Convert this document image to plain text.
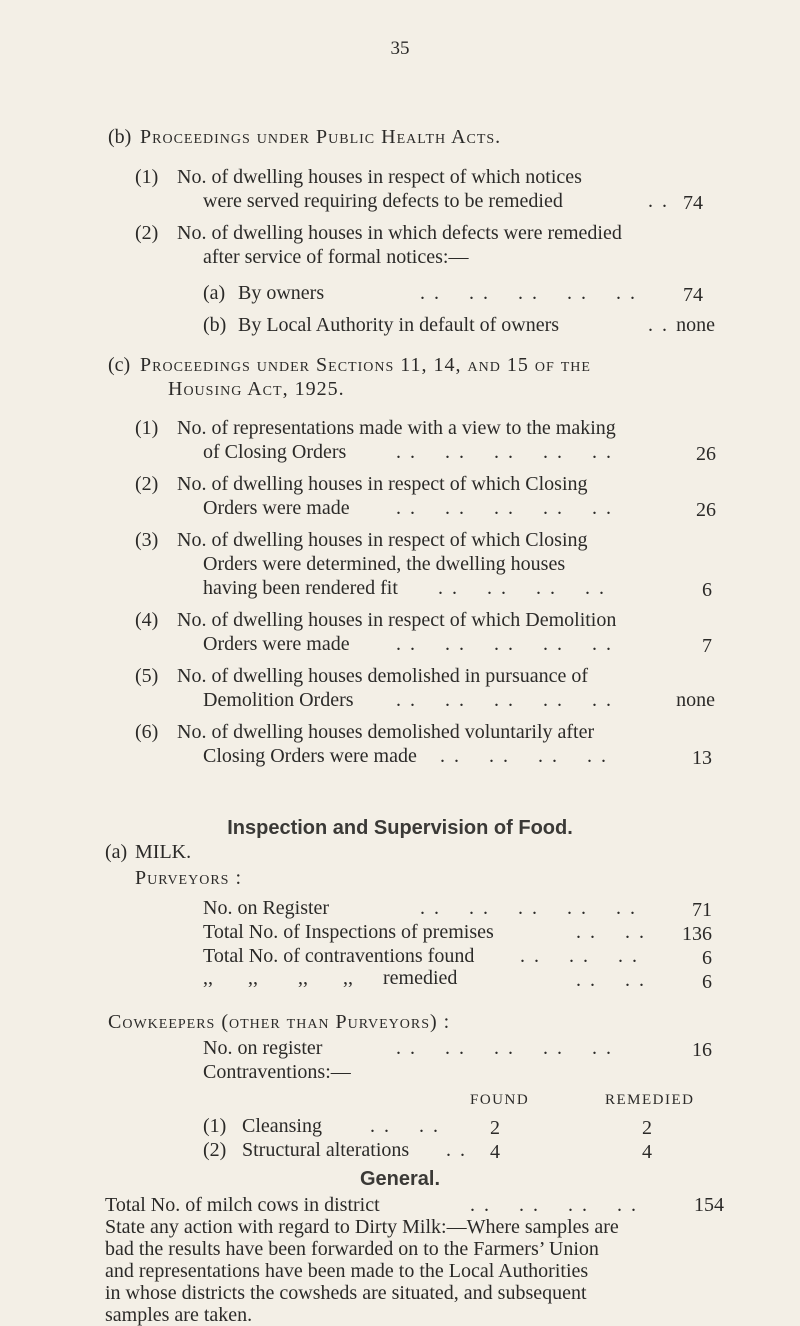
35
(b) Proceedings under Public Health Acts.
(1) No. of dwelling houses in respect of which notices
were served requiring defects to be remedied	. . 74
(2) No. of dwelling houses in which defects were remedied
after service of formal notices:—
(a) By owners	. .    . .    . .    . .    . . 74
(b) By Local Authority in default of owners	. . none
(c) Proceedings under Sections 11, 14, and 15 of the
Housing Act, 1925.
(1) No. of representations made with a view to the making
of Closing Orders . .    . .    . .    . .    . .	26
(2) No. of dwelling houses in respect of which Closing
Orders were made . .    . .    . .    . .    . .	26
(3) No. of dwelling houses in respect of which Closing
Orders were determined, the dwelling houses
having been rendered fit . .    . .    . .    . .	6
(4) No. of dwelling houses in respect of which Demolition
Orders were made . .    . .    . .    . .    . .	7
(5) No. of dwelling houses demolished in pursuance of
Demolition Orders . .    . .    . .    . .    . .	none
(6) No. of dwelling houses demolished voluntarily after
Closing Orders were made . .    . .    . .    . .	13
Inspection and Supervision of Food.
(a) MILK.
Purveyors :
No. on Register	. .    . .    . .    . .    . .	71
Total No. of Inspections of premises	. .    . . 136
Total No. of contraventions found . .    . .    . .	6
,,       ,,        ,,       ,,      remedied	. .    . .	6
Cowkeepers (other than Purveyors) :
No. on register	. .    . .    . .    . .    . .	16
Contraventions:—
FOUND	REMEDIED
(1) Cleansing . .    . .	2	2
(2) Structural alterations . . 4	4
General.
Total No. of milch cows in district	. .    . .    . .    . .	154
State any action with regard to Dirty Milk:—Where samples are
bad the results have been forwarded on to the Farmers’ Union
and representations have been made to the Local Authorities
in whose districts the cowsheds are situated, and subsequent
samples are taken.
